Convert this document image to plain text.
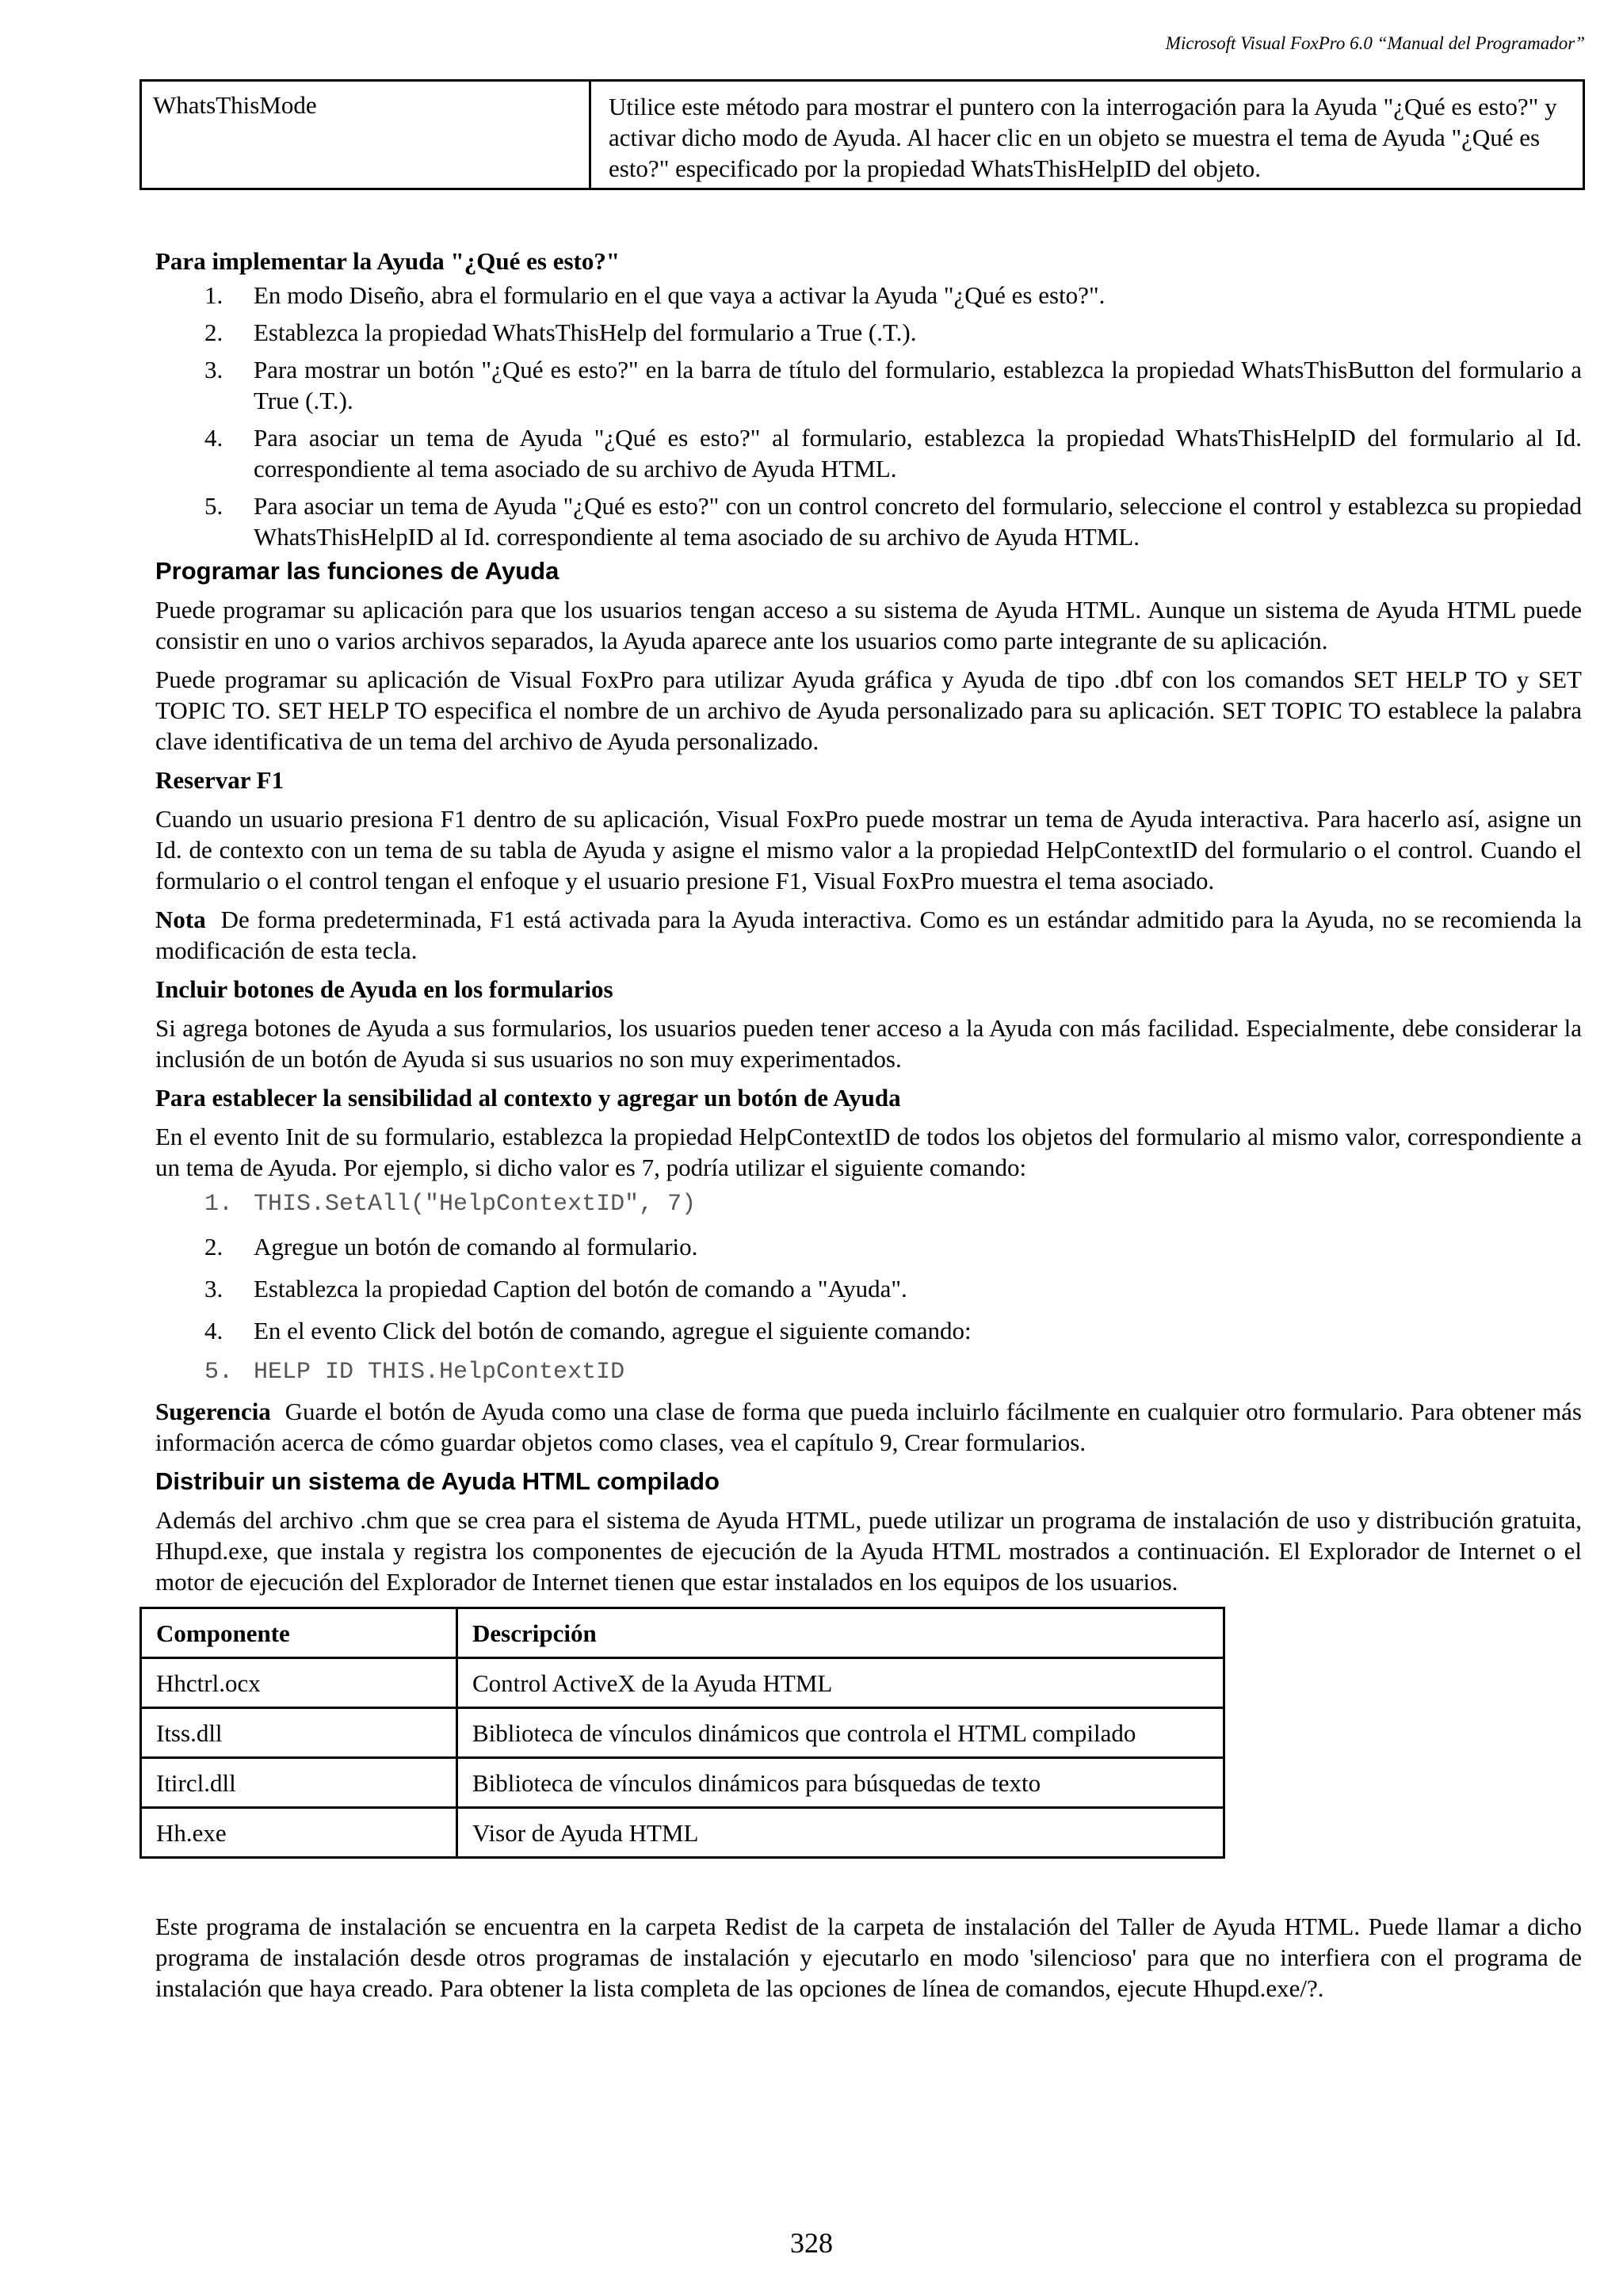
Microsoft Visual FoxPro 6.0 “Manual del Programador”
WhatsThisMode	Utilice este método para mostrar el puntero con la interrogación para la Ayuda "¿Qué es esto?" y activar dicho modo de Ayuda. Al hacer clic en un objeto se muestra el tema de Ayuda "¿Qué es esto?" especificado por la propiedad WhatsThisHelpID del objeto.

Para implementar la Ayuda "¿Qué es esto?"

1. En modo Diseño, abra el formulario en el que vaya a activar la Ayuda "¿Qué es esto?".
2. Establezca la propiedad WhatsThisHelp del formulario a True (.T.).
3. Para mostrar un botón "¿Qué es esto?" en la barra de título del formulario, establezca la propiedad WhatsThisButton del formulario a True (.T.).
4. Para asociar un tema de Ayuda "¿Qué es esto?" al formulario, establezca la propiedad WhatsThisHelpID del formulario al Id. correspondiente al tema asociado de su archivo de Ayuda HTML.
5. Para asociar un tema de Ayuda "¿Qué es esto?" con un control concreto del formulario, seleccione el control y establezca su propiedad WhatsThisHelpID al Id. correspondiente al tema asociado de su archivo de Ayuda HTML.

Programar las funciones de Ayuda

Puede programar su aplicación para que los usuarios tengan acceso a su sistema de Ayuda HTML. Aunque un sistema de Ayuda HTML puede consistir en uno o varios archivos separados, la Ayuda aparece ante los usuarios como parte integrante de su aplicación.

Puede programar su aplicación de Visual FoxPro para utilizar Ayuda gráfica y Ayuda de tipo .dbf con los comandos SET HELP TO y SET TOPIC TO. SET HELP TO especifica el nombre de un archivo de Ayuda personalizado para su aplicación. SET TOPIC TO establece la palabra clave identificativa de un tema del archivo de Ayuda personalizado.

Reservar F1

Cuando un usuario presiona F1 dentro de su aplicación, Visual FoxPro puede mostrar un tema de Ayuda interactiva. Para hacerlo así, asigne un Id. de contexto con un tema de su tabla de Ayuda y asigne el mismo valor a la propiedad HelpContextID del formulario o el control. Cuando el formulario o el control tengan el enfoque y el usuario presione F1, Visual FoxPro muestra el tema asociado.

Nota De forma predeterminada, F1 está activada para la Ayuda interactiva. Como es un estándar admitido para la Ayuda, no se recomienda la modificación de esta tecla.

Incluir botones de Ayuda en los formularios

Si agrega botones de Ayuda a sus formularios, los usuarios pueden tener acceso a la Ayuda con más facilidad. Especialmente, debe considerar la inclusión de un botón de Ayuda si sus usuarios no son muy experimentados.

Para establecer la sensibilidad al contexto y agregar un botón de Ayuda

En el evento Init de su formulario, establezca la propiedad HelpContextID de todos los objetos del formulario al mismo valor, correspondiente a un tema de Ayuda. Por ejemplo, si dicho valor es 7, podría utilizar el siguiente comando:

1. THIS.SetAll("HelpContextID", 7)
2. Agregue un botón de comando al formulario.
3. Establezca la propiedad Caption del botón de comando a "Ayuda".
4. En el evento Click del botón de comando, agregue el siguiente comando:
5. HELP ID THIS.HelpContextID

Sugerencia Guarde el botón de Ayuda como una clase de forma que pueda incluirlo fácilmente en cualquier otro formulario. Para obtener más información acerca de cómo guardar objetos como clases, vea el capítulo 9, Crear formularios.

Distribuir un sistema de Ayuda HTML compilado

Además del archivo .chm que se crea para el sistema de Ayuda HTML, puede utilizar un programa de instalación de uso y distribución gratuita, Hhupd.exe, que instala y registra los componentes de ejecución de la Ayuda HTML mostrados a continuación. El Explorador de Internet o el motor de ejecución del Explorador de Internet tienen que estar instalados en los equipos de los usuarios.

Componente	Descripción
Hhctrl.ocx	Control ActiveX de la Ayuda HTML
Itss.dll	Biblioteca de vínculos dinámicos que controla el HTML compilado
Itircl.dll	Biblioteca de vínculos dinámicos para búsquedas de texto
Hh.exe	Visor de Ayuda HTML

Este programa de instalación se encuentra en la carpeta Redist de la carpeta de instalación del Taller de Ayuda HTML. Puede llamar a dicho programa de instalación desde otros programas de instalación y ejecutarlo en modo 'silencioso' para que no interfiera con el programa de instalación que haya creado. Para obtener la lista completa de las opciones de línea de comandos, ejecute Hhupd.exe/?.

328
